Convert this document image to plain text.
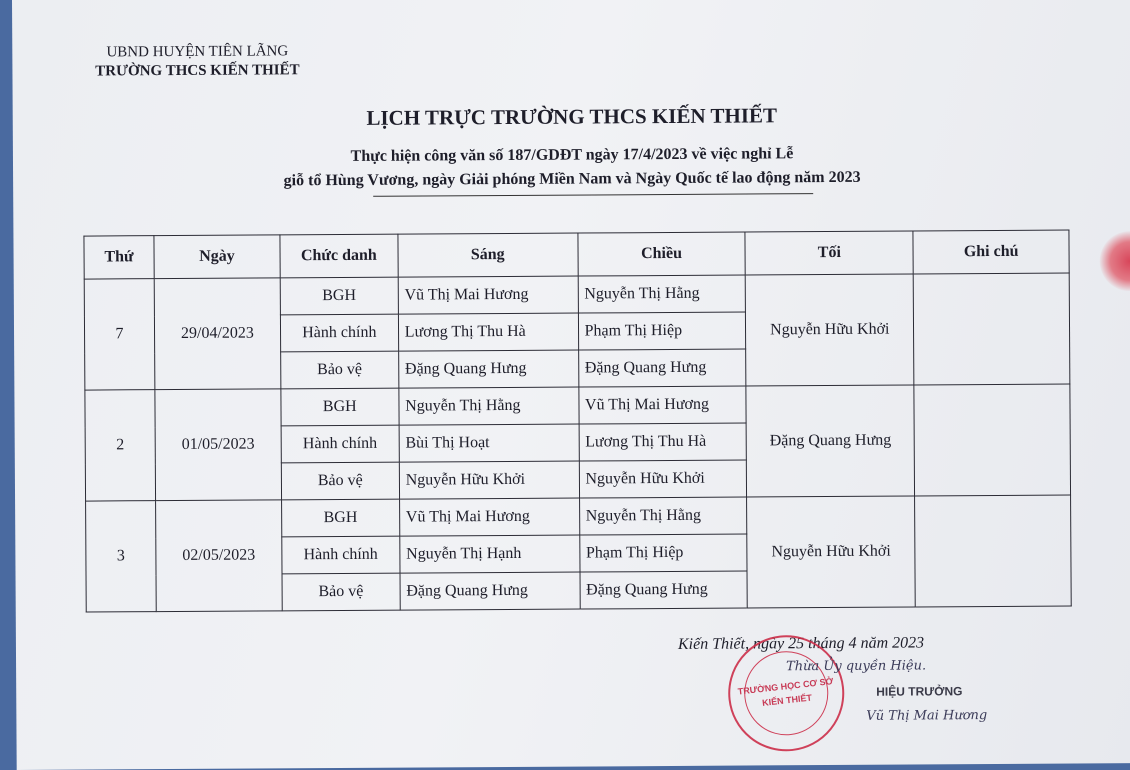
UBND HUYỆN TIÊN LÃNG
TRƯỜNG THCS KIẾN THIẾT
LỊCH TRỰC TRƯỜNG THCS KIẾN THIẾT
Thực hiện công văn số 187/GDĐT ngày 17/4/2023 về việc nghỉ Lễ
giỗ tổ Hùng Vương, ngày Giải phóng Miền Nam và Ngày Quốc tế lao động năm 2023
Thứ	Ngày	Chức danh	Sáng	Chiều	Tối	Ghi chú
7	29/04/2023	BGH	Vũ Thị Mai Hương	Nguyễn Thị Hằng	Nguyễn Hữu Khởi	
		Hành chính	Lương Thị Thu Hà	Phạm Thị Hiệp		
		Bảo vệ	Đặng Quang Hưng	Đặng Quang Hưng		
2	01/05/2023	BGH	Nguyễn Thị Hằng	Vũ Thị Mai Hương	Đặng Quang Hưng	
		Hành chính	Bùi Thị Hoạt	Lương Thị Thu Hà		
		Bảo vệ	Nguyễn Hữu Khởi	Nguyễn Hữu Khởi		
3	02/05/2023	BGH	Vũ Thị Mai Hương	Nguyễn Thị Hằng	Nguyễn Hữu Khởi	
		Hành chính	Nguyễn Thị Hạnh	Phạm Thị Hiệp		
		Bảo vệ	Đặng Quang Hưng	Đặng Quang Hưng		
Kiến Thiết, ngày 25 tháng 4 năm 2023
TRƯỜNG HỌC CƠ SỞ
KIẾN THIẾT
Thừa Ủy quyền Hiệu.
HIỆU TRƯỞNG
Vũ Thị Mai Hương
